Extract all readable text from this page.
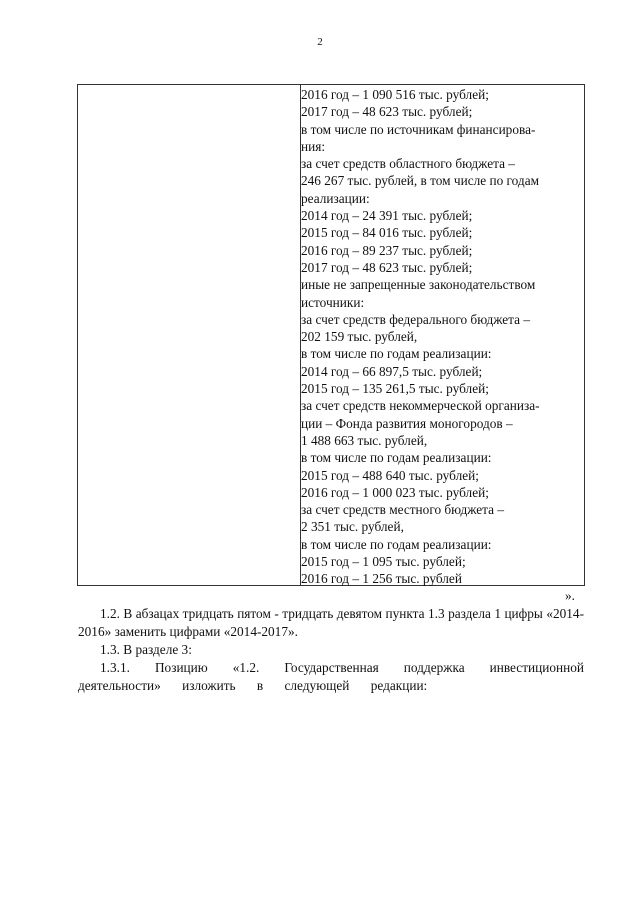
2
2016 год – 1 090 516 тыс. рублей;
2017 год – 48 623 тыс. рублей;
в том числе по источникам финансирова-
ния:
за счет средств областного бюджета –
246 267 тыс. рублей, в том числе по годам
реализации:
2014 год – 24 391 тыс. рублей;
2015 год – 84 016 тыс. рублей;
2016 год – 89 237 тыс. рублей;
2017 год – 48 623 тыс. рублей;
иные не запрещенные законодательством
источники:
за счет средств федерального бюджета –
202 159 тыс. рублей,
в том числе по годам реализации:
2014 год – 66 897,5 тыс. рублей;
2015 год – 135 261,5 тыс. рублей;
за счет средств некоммерческой организа-
ции – Фонда развития моногородов –
1 488 663 тыс. рублей,
в том числе по годам реализации:
2015 год – 488 640 тыс. рублей;
2016 год – 1 000 023 тыс. рублей;
за счет средств местного бюджета –
2 351 тыс. рублей,
в том числе по годам реализации:
2015 год – 1 095 тыс. рублей;
2016 год – 1 256 тыс. рублей
».
1.2. В абзацах тридцать пятом - тридцать девятом пункта 1.3 раздела 1 цифры «2014-2016» заменить цифрами «2014-2017».
1.3. В разделе 3:
1.3.1. Позицию «1.2. Государственная поддержка инвестиционной деятельности» изложить в следующей редакции:
